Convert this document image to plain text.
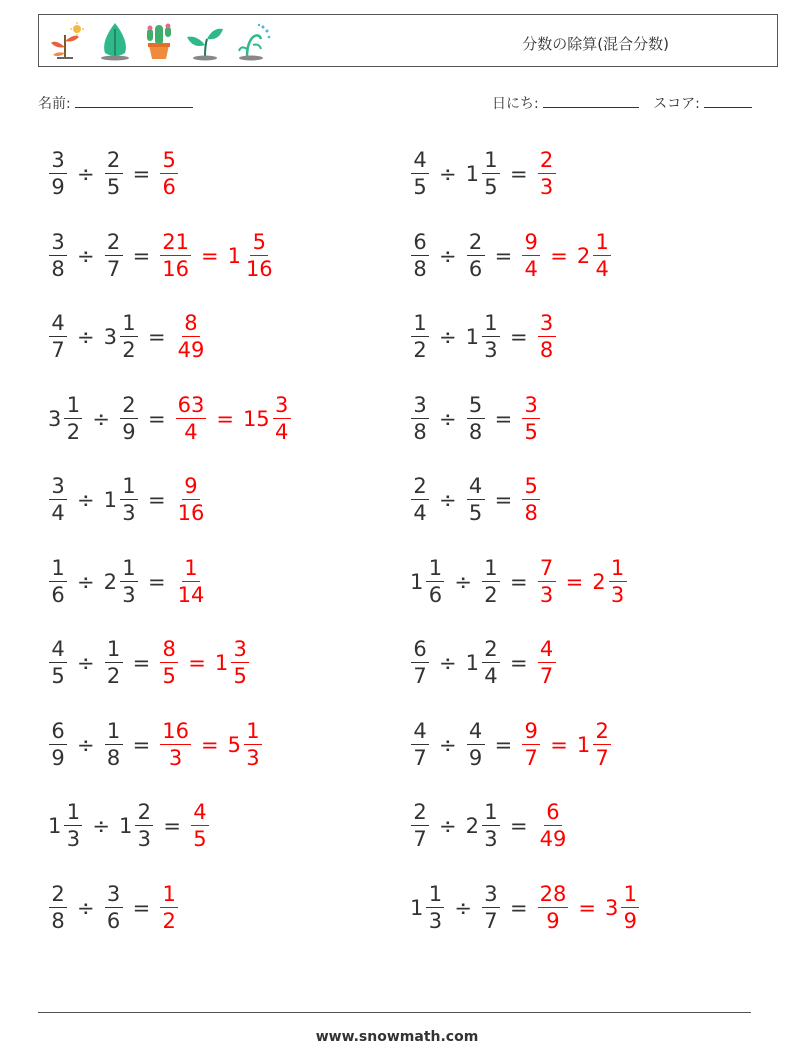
分数の除算(混合分数)
名前:	日にち:	スコア:
$\frac{3}{9} \div \frac{2}{5} = \frac{5}{6}$	$\frac{4}{5} \div 1 \frac{1}{5} = \frac{2}{3}$
$\frac{3}{8} \div \frac{2}{7} = \frac{21}{16} = 1 \frac{5}{16}$	$\frac{6}{8} \div \frac{2}{6} = \frac{9}{4} = 2 \frac{1}{4}$
$\frac{4}{7} \div 3 \frac{1}{2} = \frac{8}{49}$	$\frac{1}{2} \div 1 \frac{1}{3} = \frac{3}{8}$
$3 \frac{1}{2} \div \frac{2}{9} = \frac{63}{4} = 15 \frac{3}{4}$	$\frac{3}{8} \div \frac{5}{8} = \frac{3}{5}$
$\frac{3}{4} \div 1 \frac{1}{3} = \frac{9}{16}$	$\frac{2}{4} \div \frac{4}{5} = \frac{5}{8}$
$\frac{1}{6} \div 2 \frac{1}{3} = \frac{1}{14}$	$1 \frac{1}{6} \div \frac{1}{2} = \frac{7}{3} = 2 \frac{1}{3}$
$\frac{4}{5} \div \frac{1}{2} = \frac{8}{5} = 1 \frac{3}{5}$	$\frac{6}{7} \div 1 \frac{2}{4} = \frac{4}{7}$
$\frac{6}{9} \div \frac{1}{8} = \frac{16}{3} = 5 \frac{1}{3}$	$\frac{4}{7} \div \frac{4}{9} = \frac{9}{7} = 1 \frac{2}{7}$
$1 \frac{1}{3} \div 1 \frac{2}{3} = \frac{4}{5}$	$\frac{2}{7} \div 2 \frac{1}{3} = \frac{6}{49}$
$\frac{2}{8} \div \frac{3}{6} = \frac{1}{2}$	$1 \frac{1}{3} \div \frac{3}{7} = \frac{28}{9} = 3 \frac{1}{9}$
www.snowmath.com
